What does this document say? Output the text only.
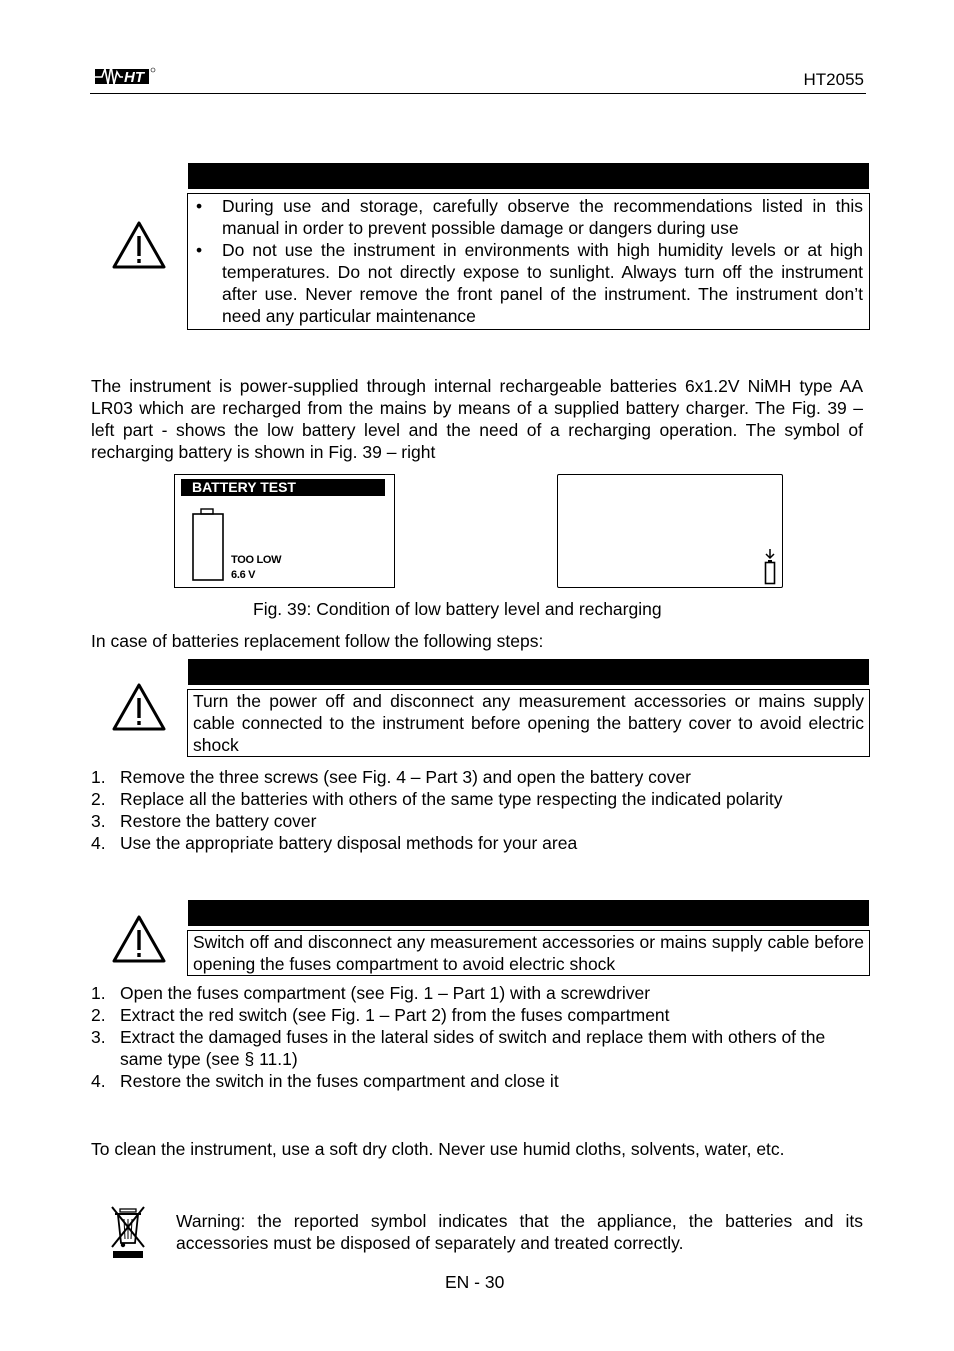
HT	HT2055
• During use and storage, carefully observe the recommendations listed in this manual in order to prevent possible damage or dangers during use
• Do not use the instrument in environments with high humidity levels or at high temperatures. Do not directly expose to sunlight. Always turn off the instrument after use. Never remove the front panel of the instrument. The instrument don’t need any particular maintenance
The instrument is power-supplied through internal rechargeable batteries 6x1.2V NiMH type AA LR03 which are recharged from the mains by means of a supplied battery charger. The Fig. 39 – left part - shows the low battery level and the need of a recharging operation. The symbol of recharging battery is shown in Fig. 39 – right
BATTERY TEST
TOO LOW
6.6 V
Fig. 39: Condition of low battery level and recharging
In case of batteries replacement follow the following steps:
Turn the power off and disconnect any measurement accessories or mains supply cable connected to the instrument before opening the battery cover to avoid electric shock
1. Remove the three screws (see Fig. 4 – Part 3) and open the battery cover
2. Replace all the batteries with others of the same type respecting the indicated polarity
3. Restore the battery cover
4. Use the appropriate battery disposal methods for your area
Switch off and disconnect any measurement accessories or mains supply cable before opening the fuses compartment to avoid electric shock
1. Open the fuses compartment (see Fig. 1 – Part 1) with a screwdriver
2. Extract the red switch (see Fig. 1 – Part 2) from the fuses compartment
3. Extract the damaged fuses in the lateral sides of switch and replace them with others of the same type (see § 11.1)
4. Restore the switch in the fuses compartment and close it
To clean the instrument, use a soft dry cloth. Never use humid cloths, solvents, water, etc.
Warning: the reported symbol indicates that the appliance, the batteries and its accessories must be disposed of separately and treated correctly.
EN - 30
